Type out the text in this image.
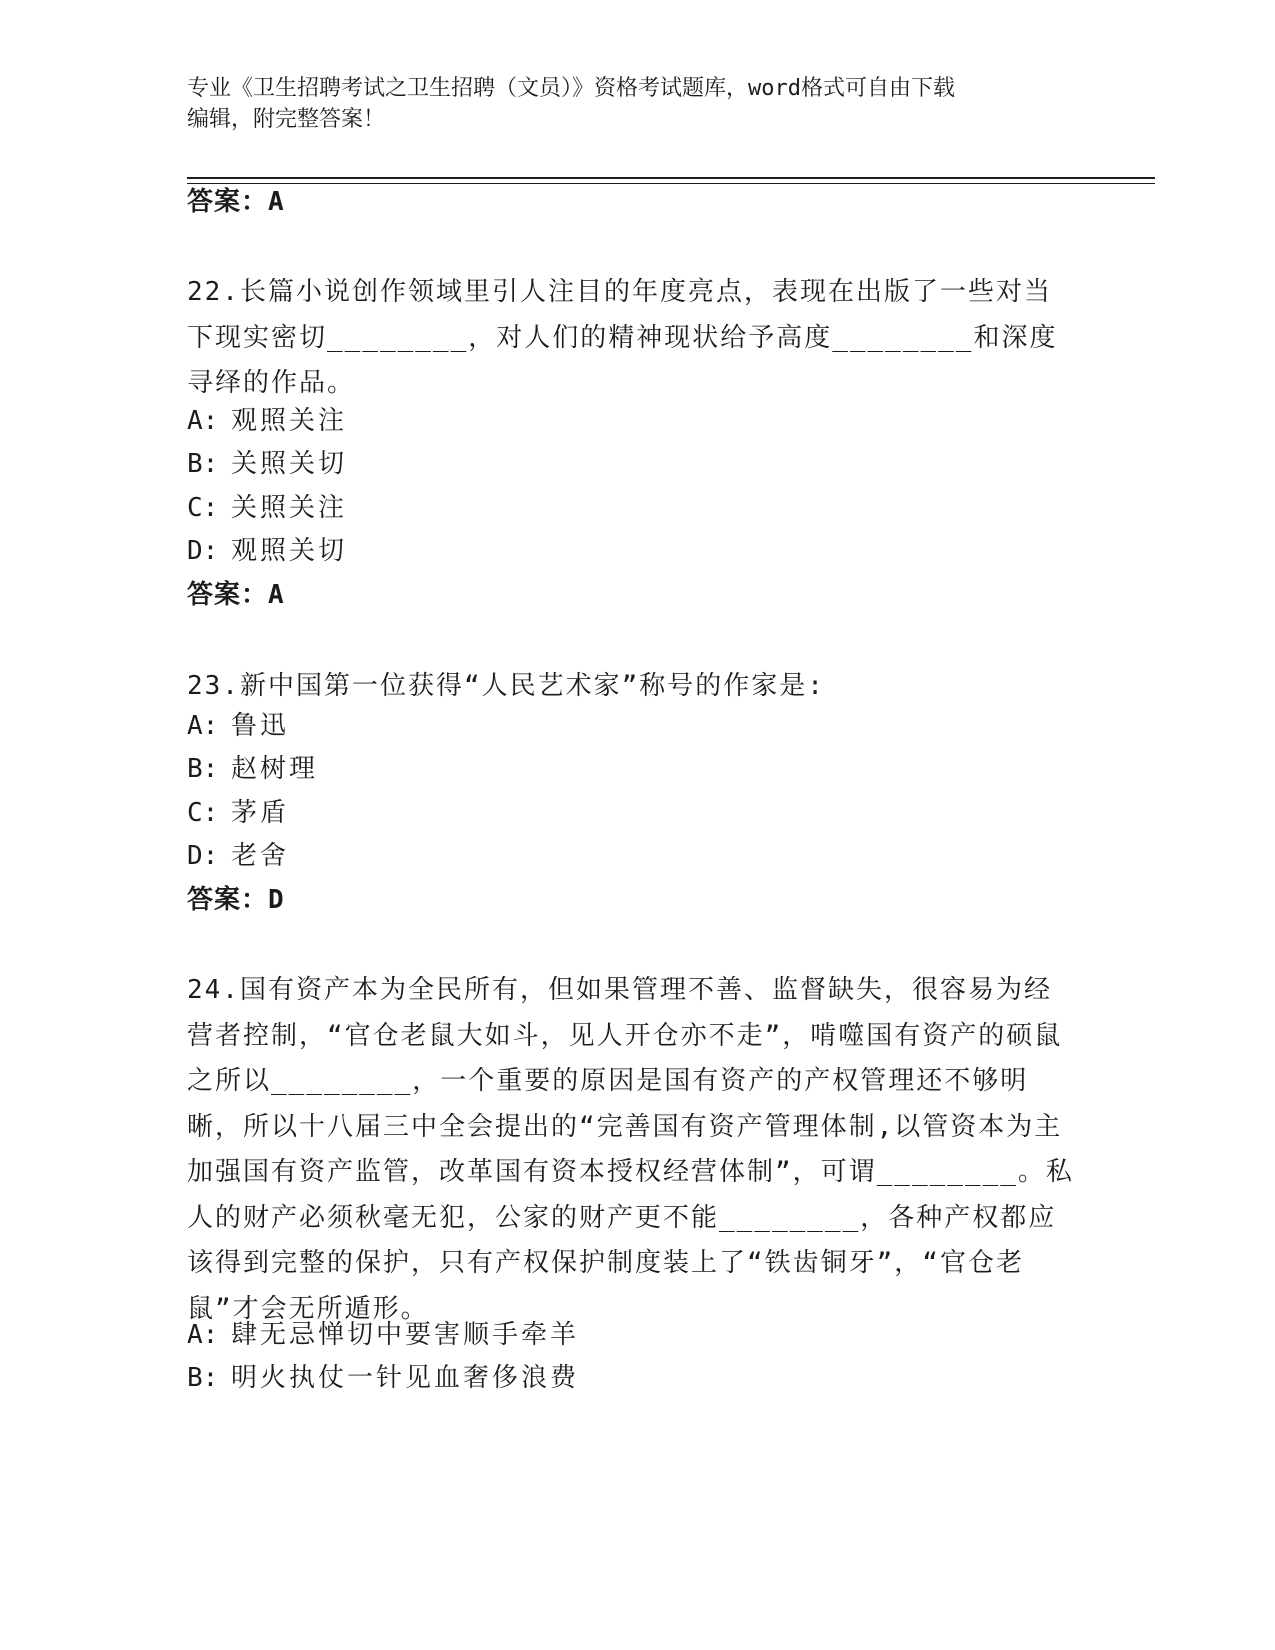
专业《卫生招聘考试之卫生招聘（文员）》资格考试题库，word格式可自由下载
编辑，附完整答案！
答案：A
22.长篇小说创作领域里引人注目的年度亮点，表现在出版了一些对当下现实密切________，对人们的精神现状给予高度________和深度寻绎的作品。
A: 观照关注
B: 关照关切
C: 关照关注
D: 观照关切
答案：A
23.新中国第一位获得“人民艺术家”称号的作家是:
A: 鲁迅
B: 赵树理
C: 茅盾
D: 老舍
答案：D
24.国有资产本为全民所有，但如果管理不善、监督缺失，很容易为经营者控制，“官仓老鼠大如斗，见人开仓亦不走”，啃噬国有资产的硕鼠之所以________，一个重要的原因是国有资产的产权管理还不够明晰，所以十八届三中全会提出的“完善国有资产管理体制,以管资本为主加强国有资产监管，改革国有资本授权经营体制”，可谓________。私人的财产必须秋毫无犯，公家的财产更不能________，各种产权都应该得到完整的保护，只有产权保护制度装上了“铁齿铜牙”，“官仓老鼠”才会无所遁形。
A: 肆无忌惮切中要害顺手牵羊
B: 明火执仗一针见血奢侈浪费
